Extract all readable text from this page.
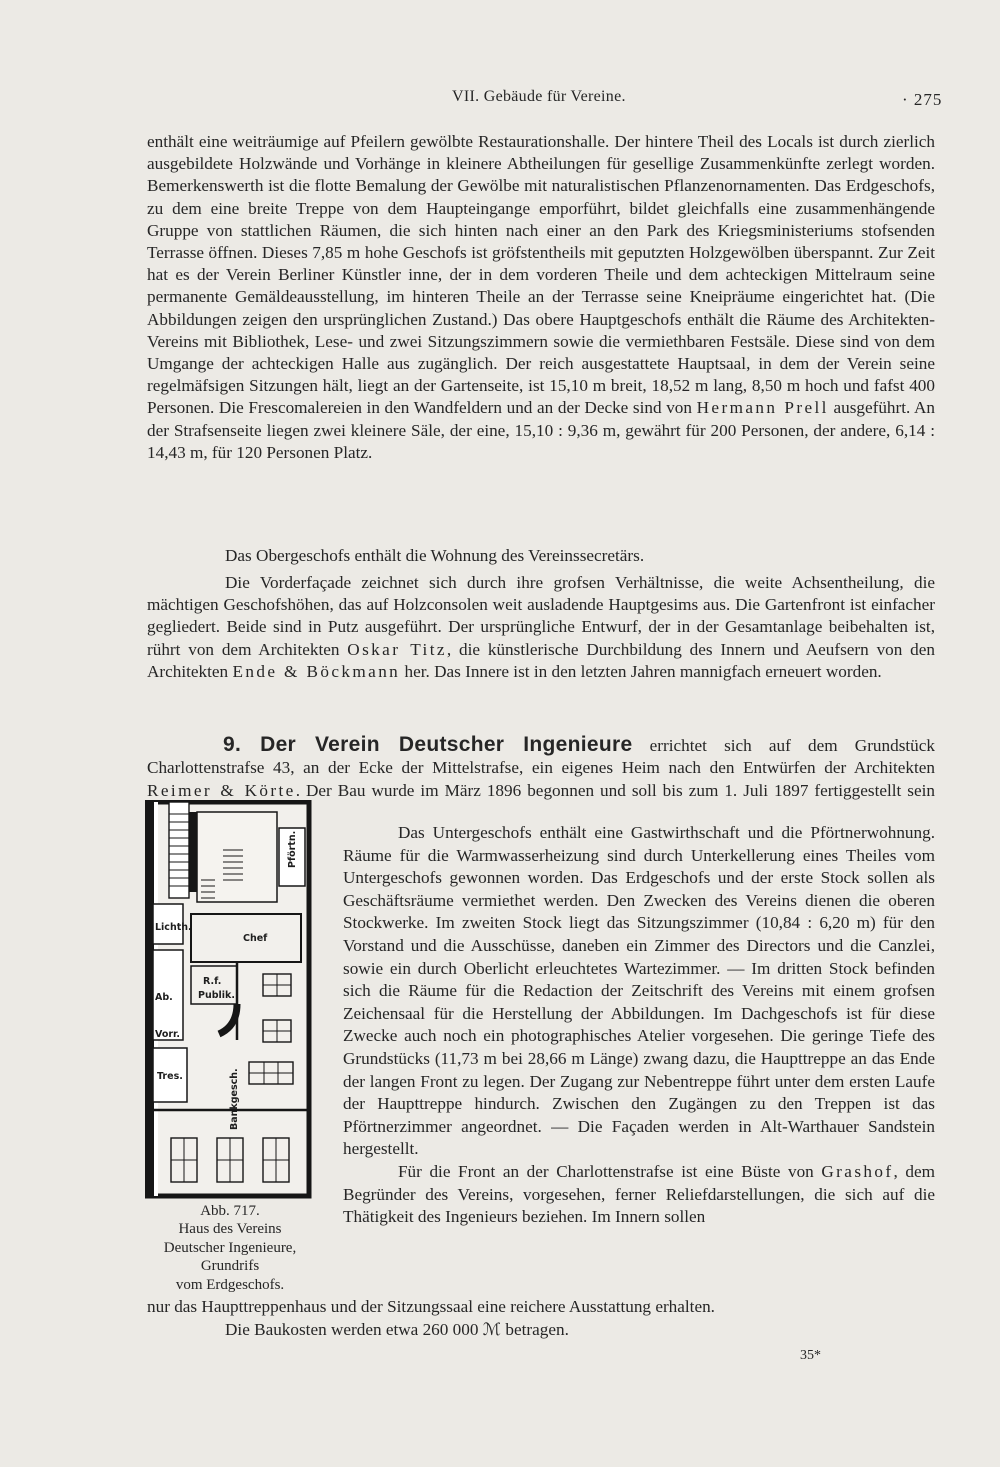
VII. Gebäude für Vereine.	· 275

enthält eine weiträumige auf Pfeilern gewölbte Restaurationshalle. Der hintere Theil des Locals ist durch zierlich ausgebildete Holzwände und Vorhänge in kleinere Abtheilungen für gesellige Zusammenkünfte zerlegt worden. Bemerkenswerth ist die flotte Bemalung der Gewölbe mit naturalistischen Pflanzenornamenten. Das Erdgeschofs, zu dem eine breite Treppe von dem Haupteingange emporführt, bildet gleichfalls eine zusammenhängende Gruppe von stattlichen Räumen, die sich hinten nach einer an den Park des Kriegsministeriums stofsenden Terrasse öffnen. Dieses 7,85 m hohe Geschofs ist gröfstentheils mit geputzten Holzgewölben überspannt. Zur Zeit hat es der Verein Berliner Künstler inne, der in dem vorderen Theile und dem achteckigen Mittelraum seine permanente Gemäldeausstellung, im hinteren Theile an der Terrasse seine Kneipräume eingerichtet hat. (Die Abbildungen zeigen den ursprünglichen Zustand.) Das obere Hauptgeschofs enthält die Räume des Architekten-Vereins mit Bibliothek, Lese- und zwei Sitzungszimmern sowie die vermiethbaren Festsäle. Diese sind von dem Umgange der achteckigen Halle aus zugänglich. Der reich ausgestattete Hauptsaal, in dem der Verein seine regelmäfsigen Sitzungen hält, liegt an der Gartenseite, ist 15,10 m breit, 18,52 m lang, 8,50 m hoch und fafst 400 Personen. Die Frescomalereien in den Wandfeldern und an der Decke sind von Hermann Prell ausgeführt. An der Strafsenseite liegen zwei kleinere Säle, der eine, 15,10 : 9,36 m, gewährt für 200 Personen, der andere, 6,14 : 14,43 m, für 120 Personen Platz.

Das Obergeschofs enthält die Wohnung des Vereinssecretärs.

Die Vorderfaçade zeichnet sich durch ihre grofsen Verhältnisse, die weite Achsentheilung, die mächtigen Geschofshöhen, das auf Holzconsolen weit ausladende Hauptgesims aus. Die Gartenfront ist einfacher gegliedert. Beide sind in Putz ausgeführt. Der ursprüngliche Entwurf, der in der Gesamtanlage beibehalten ist, rührt von dem Architekten Oskar Titz, die künstlerische Durchbildung des Innern und Aeufsern von den Architekten Ende & Böckmann her. Das Innere ist in den letzten Jahren mannigfach erneuert worden.

9. Der Verein Deutscher Ingenieure errichtet sich auf dem Grundstück Charlottenstrafse 43, an der Ecke der Mittelstrafse, ein eigenes Heim nach den Entwürfen der Architekten Reimer & Körte. Der Bau wurde im März 1896 begonnen und soll bis zum 1. Juli 1897 fertiggestellt sein

Pförtn.
Lichth.
Chef
Ab.
Vorr.
R.f.
Publik.
Tres.	Bankgesch.
Abb. 717.
Haus des Vereins
Deutscher Ingenieure,
Grundrifs
vom Erdgeschofs.

Das Untergeschofs enthält eine Gastwirthschaft und die Pförtnerwohnung. Räume für die Warmwasserheizung sind durch Unterkellerung eines Theiles vom Untergeschofs gewonnen worden. Das Erdgeschofs und der erste Stock sollen als Geschäftsräume vermiethet werden. Den Zwecken des Vereins dienen die oberen Stockwerke. Im zweiten Stock liegt das Sitzungszimmer (10,84 : 6,20 m) für den Vorstand und die Ausschüsse, daneben ein Zimmer des Directors und die Canzlei, sowie ein durch Oberlicht erleuchtetes Wartezimmer. — Im dritten Stock befinden sich die Räume für die Redaction der Zeitschrift des Vereins mit einem grofsen Zeichensaal für die Herstellung der Abbildungen. Im Dachgeschofs ist für diese Zwecke auch noch ein photographisches Atelier vorgesehen. Die geringe Tiefe des Grundstücks (11,73 m bei 28,66 m Länge) zwang dazu, die Haupttreppe an das Ende der langen Front zu legen. Der Zugang zur Nebentreppe führt unter dem ersten Laufe der Haupttreppe hindurch. Zwischen den Zugängen zu den Treppen ist das Pförtnerzimmer angeordnet. — Die Façaden werden in Alt-Warthauer Sandstein hergestellt.

Für die Front an der Charlottenstrafse ist eine Büste von Grashof, dem Begründer des Vereins, vorgesehen, ferner Reliefdarstellungen, die sich auf die Thätigkeit des Ingenieurs beziehen. Im Innern sollen

nur das Haupttreppenhaus und der Sitzungssaal eine reichere Ausstattung erhalten.

Die Baukosten werden etwa 260 000 ℳ betragen.

35*
